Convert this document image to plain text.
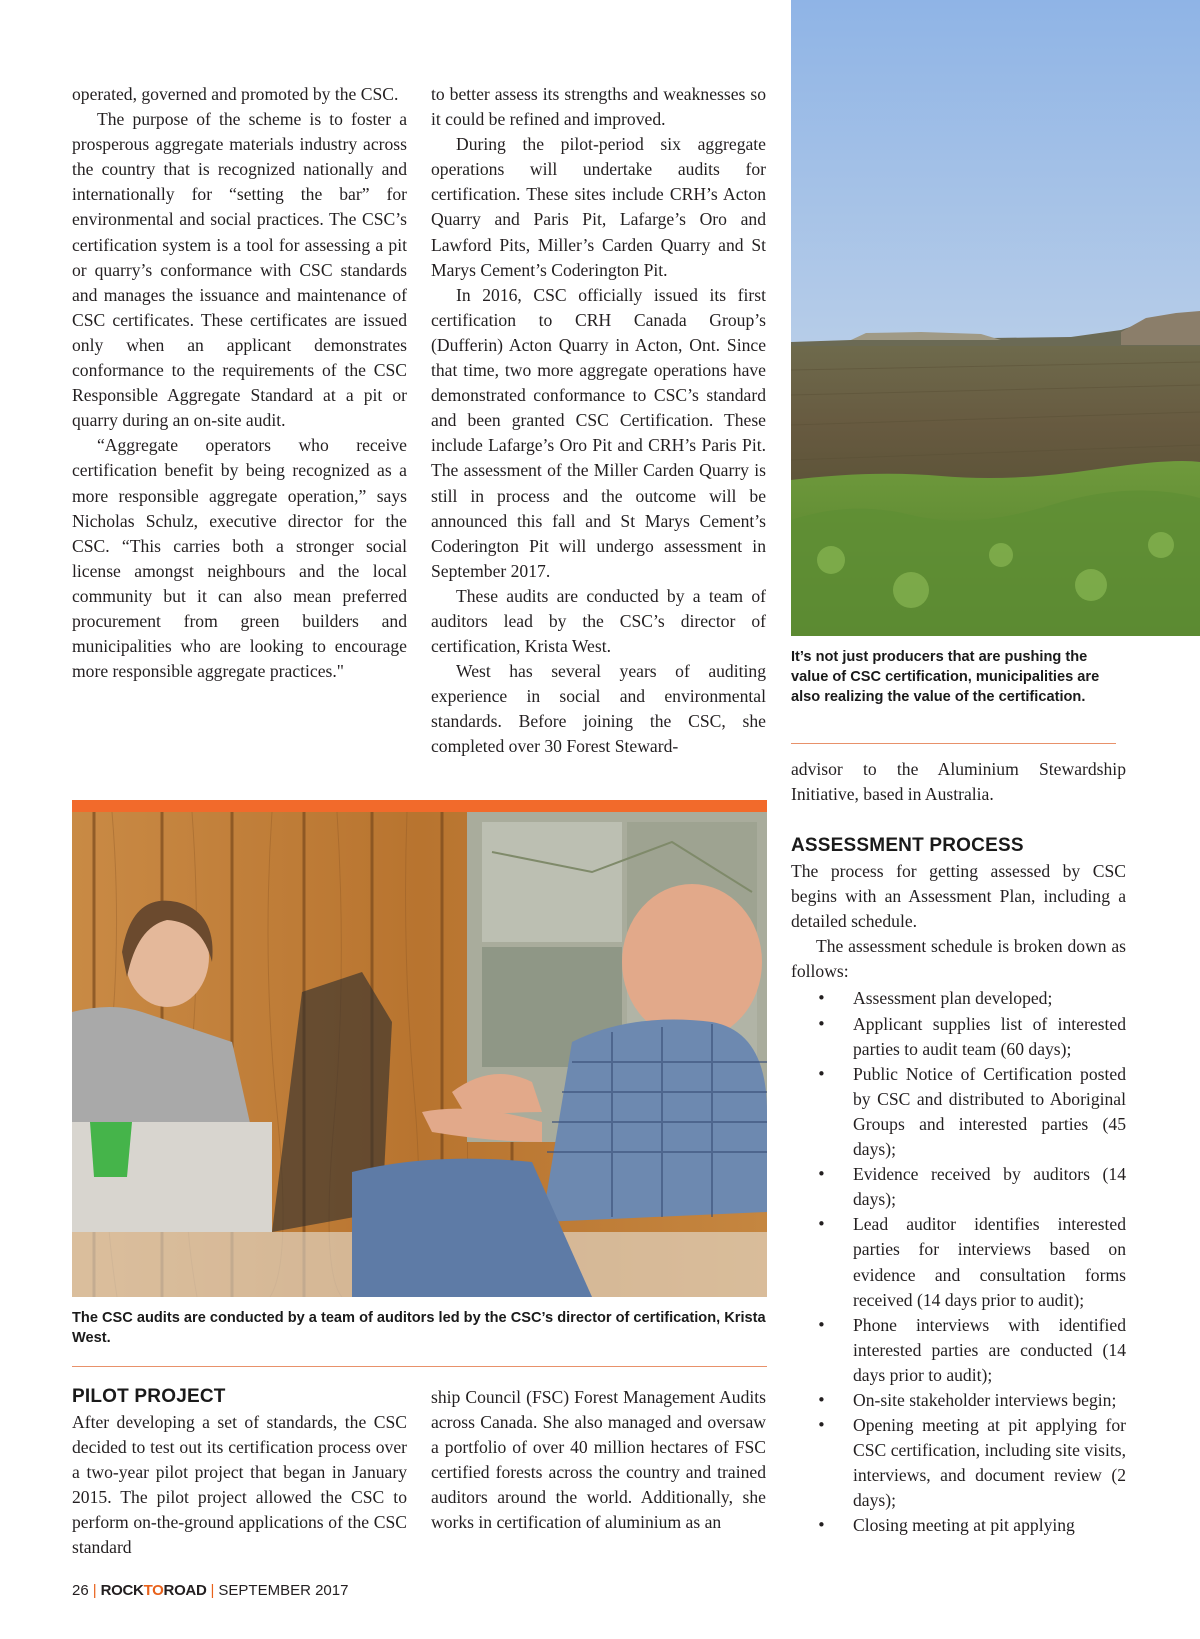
operated, governed and promoted by the CSC.

The purpose of the scheme is to foster a prosperous aggregate materials industry across the country that is recognized nationally and internationally for “setting the bar” for environmental and social practices. The CSC’s certification system is a tool for assessing a pit or quarry’s conformance with CSC standards and manages the issuance and maintenance of CSC certificates. These certificates are issued only when an applicant demonstrates conformance to the requirements of the CSC Responsible Aggregate Standard at a pit or quarry during an on-site audit.

“Aggregate operators who receive certification benefit by being recognized as a more responsible aggregate operation,” says Nicholas Schulz, executive director for the CSC. “This carries both a stronger social license amongst neighbours and the local community but it can also mean preferred procurement from green builders and municipalities who are looking to encourage more responsible aggregate practices."

to better assess its strengths and weaknesses so it could be refined and improved.

During the pilot-period six aggregate operations will undertake audits for certification. These sites include CRH’s Acton Quarry and Paris Pit, Lafarge’s Oro and Lawford Pits, Miller’s Carden Quarry and St Marys Cement’s Coderington Pit.

In 2016, CSC officially issued its first certification to CRH Canada Group’s (Dufferin) Acton Quarry in Acton, Ont. Since that time, two more aggregate operations have demonstrated conformance to CSC’s standard and been granted CSC Certification. These include Lafarge’s Oro Pit and CRH’s Paris Pit. The assessment of the Miller Carden Quarry is still in process and the outcome will be announced this fall and St Marys Cement’s Coderington Pit will undergo assessment in September 2017.

These audits are conducted by a team of auditors lead by the CSC’s director of certification, Krista West.

West has several years of auditing experience in social and environmental standards. Before joining the CSC, she completed over 30 Forest Steward-

It’s not just producers that are pushing the value of CSC certification, municipalities are also realizing the value of the certification.

advisor to the Aluminium Stewardship Initiative, based in Australia.

ASSESSMENT PROCESS

The process for getting assessed by CSC begins with an Assessment Plan, including a detailed schedule.

The assessment schedule is broken down as follows:

• Assessment plan developed;
• Applicant supplies list of interested parties to audit team (60 days);
• Public Notice of Certification posted by CSC and distributed to Aboriginal Groups and interested parties (45 days);
• Evidence received by auditors (14 days);
• Lead auditor identifies interested parties for interviews based on evidence and consultation forms received (14 days prior to audit);
• Phone interviews with identified interested parties are conducted (14 days prior to audit);
• On-site stakeholder interviews begin;
• Opening meeting at pit applying for CSC certification, including site visits, interviews, and document review (2 days);
• Closing meeting at pit applying
The CSC audits are conducted by a team of auditors led by the CSC’s director of certification, Krista West.
PILOT PROJECT

After developing a set of standards, the CSC decided to test out its certification process over a two-year pilot project that began in January 2015. The pilot project allowed the CSC to perform on-the-ground applications of the CSC standard

ship Council (FSC) Forest Management Audits across Canada. She also managed and oversaw a portfolio of over 40 million hectares of FSC certified forests across the country and trained auditors around the world. Additionally, she works in certification of aluminium as an

26 | ROCKTOROAD | SEPTEMBER 2017
